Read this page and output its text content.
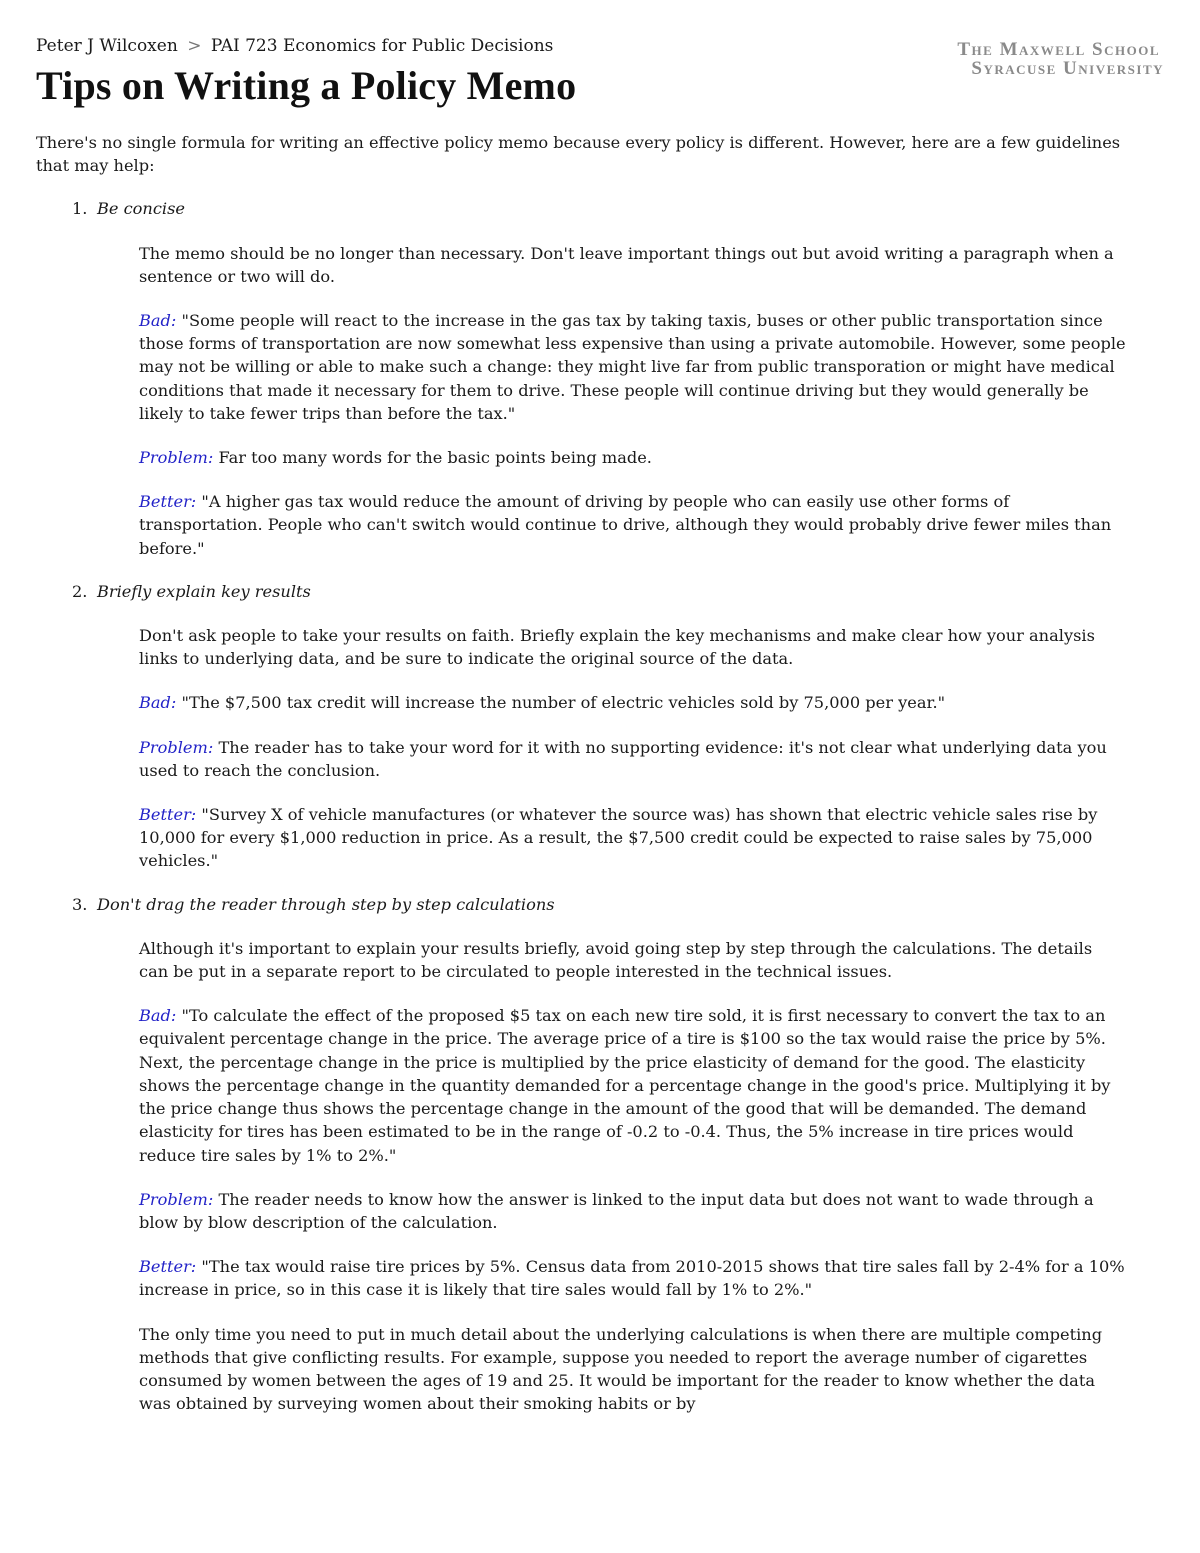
Peter J Wilcoxen > PAI 723 Economics for Public Decisions
Tips on Writing a Policy Memo
The Maxwell School
Syracuse University

There's no single formula for writing an effective policy memo because every policy is different. However, here are a few guidelines that may help:

1. Be concise

The memo should be no longer than necessary. Don't leave important things out but avoid writing a paragraph when a sentence or two will do.

Bad: "Some people will react to the increase in the gas tax by taking taxis, buses or other public transportation since those forms of transportation are now somewhat less expensive than using a private automobile. However, some people may not be willing or able to make such a change: they might live far from public transporation or might have medical conditions that made it necessary for them to drive. These people will continue driving but they would generally be likely to take fewer trips than before the tax."

Problem: Far too many words for the basic points being made.

Better: "A higher gas tax would reduce the amount of driving by people who can easily use other forms of transportation. People who can't switch would continue to drive, although they would probably drive fewer miles than before."

2. Briefly explain key results

Don't ask people to take your results on faith. Briefly explain the key mechanisms and make clear how your analysis links to underlying data, and be sure to indicate the original source of the data.

Bad: "The $7,500 tax credit will increase the number of electric vehicles sold by 75,000 per year."

Problem: The reader has to take your word for it with no supporting evidence: it's not clear what underlying data you used to reach the conclusion.

Better: "Survey X of vehicle manufactures (or whatever the source was) has shown that electric vehicle sales rise by 10,000 for every $1,000 reduction in price. As a result, the $7,500 credit could be expected to raise sales by 75,000 vehicles."

3. Don't drag the reader through step by step calculations

Although it's important to explain your results briefly, avoid going step by step through the calculations. The details can be put in a separate report to be circulated to people interested in the technical issues.

Bad: "To calculate the effect of the proposed $5 tax on each new tire sold, it is first necessary to convert the tax to an equivalent percentage change in the price. The average price of a tire is $100 so the tax would raise the price by 5%. Next, the percentage change in the price is multiplied by the price elasticity of demand for the good. The elasticity shows the percentage change in the quantity demanded for a percentage change in the good's price. Multiplying it by the price change thus shows the percentage change in the amount of the good that will be demanded. The demand elasticity for tires has been estimated to be in the range of -0.2 to -0.4. Thus, the 5% increase in tire prices would reduce tire sales by 1% to 2%."

Problem: The reader needs to know how the answer is linked to the input data but does not want to wade through a blow by blow description of the calculation.

Better: "The tax would raise tire prices by 5%. Census data from 2010-2015 shows that tire sales fall by 2-4% for a 10% increase in price, so in this case it is likely that tire sales would fall by 1% to 2%."

The only time you need to put in much detail about the underlying calculations is when there are multiple competing methods that give conflicting results. For example, suppose you needed to report the average number of cigarettes consumed by women between the ages of 19 and 25. It would be important for the reader to know whether the data was obtained by surveying women about their smoking habits or by
